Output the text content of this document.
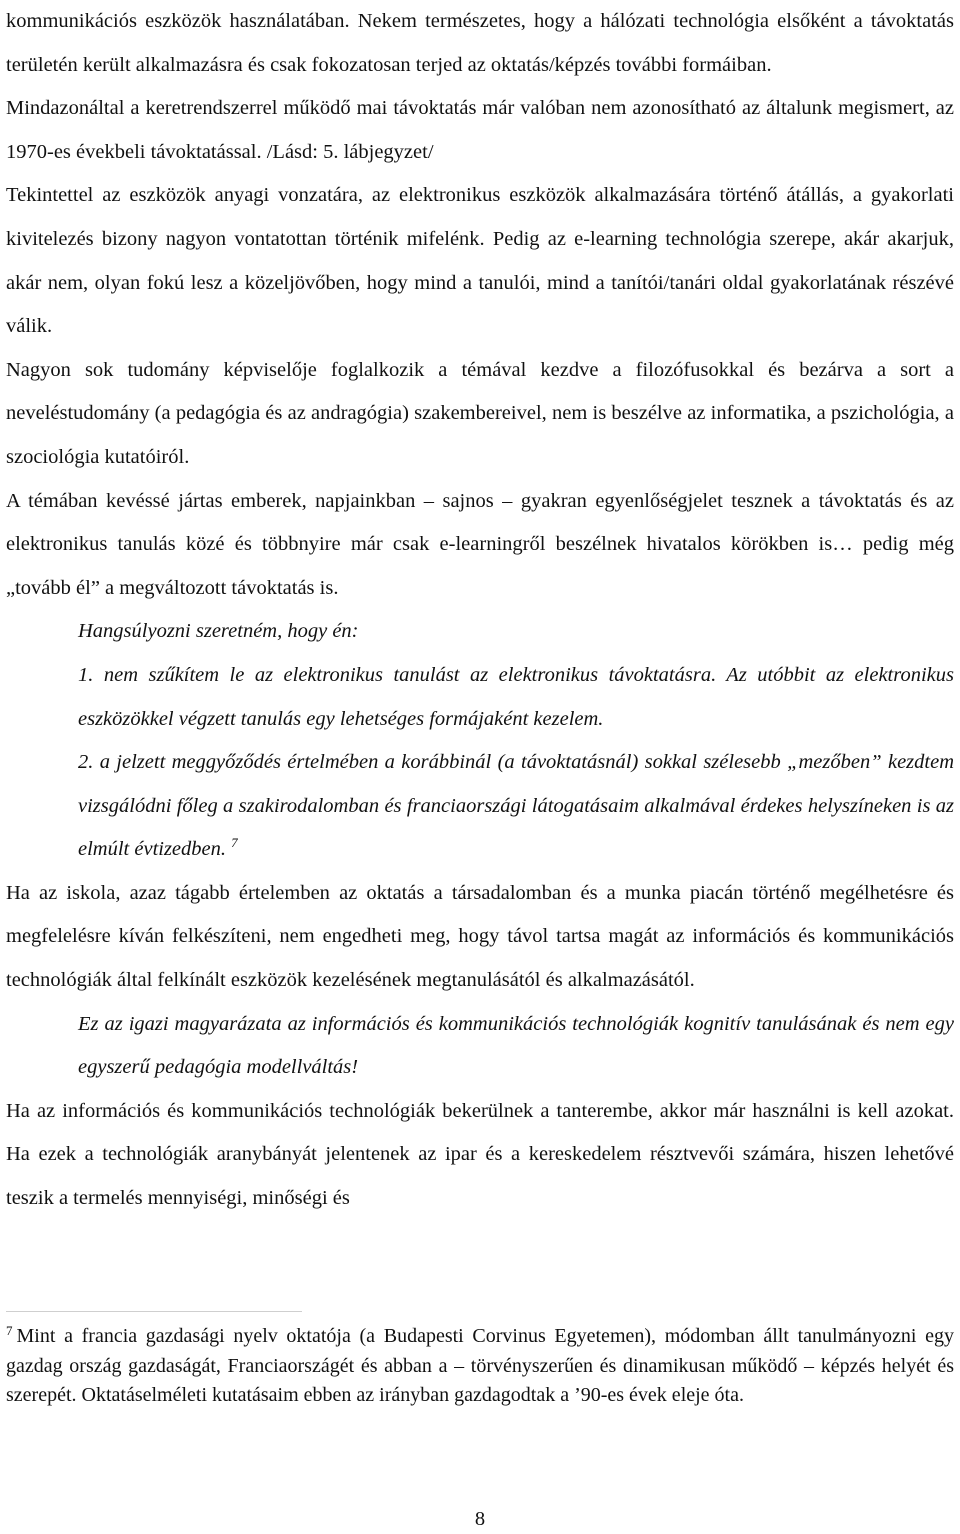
kommunikációs eszközök használatában. Nekem természetes, hogy a hálózati technológia elsőként a távoktatás területén került alkalmazásra és csak fokozatosan terjed az oktatás/képzés további formáiban.

Mindazonáltal a keretrendszerrel működő mai távoktatás már valóban nem azonosítható az általunk megismert, az 1970-es évekbeli távoktatással. /Lásd: 5. lábjegyzet/

Tekintettel az eszközök anyagi vonzatára, az elektronikus eszközök alkalmazására történő átállás, a gyakorlati kivitelezés bizony nagyon vontatottan történik mifelénk. Pedig az e-learning technológia szerepe, akár akarjuk, akár nem, olyan fokú lesz a közeljövőben, hogy mind a tanulói, mind a tanítói/tanári oldal gyakorlatának részévé válik.

Nagyon sok tudomány képviselője foglalkozik a témával kezdve a filozófusokkal és bezárva a sort a neveléstudomány (a pedagógia és az andragógia) szakembereivel, nem is beszélve az informatika, a pszichológia, a szociológia kutatóiról.

A témában kevéssé jártas emberek, napjainkban – sajnos – gyakran egyenlőségjelet tesznek a távoktatás és az elektronikus tanulás közé és többnyire már csak e-learningről beszélnek hivatalos körökben is… pedig még „tovább él” a megváltozott távoktatás is.

Hangsúlyozni szeretném, hogy én:

1. nem szűkítem le az elektronikus tanulást az elektronikus távoktatásra. Az utóbbit az elektronikus eszközökkel végzett tanulás egy lehetséges formájaként kezelem.

2. a jelzett meggyőződés értelmében a korábbinál (a távoktatásnál) sokkal szélesebb „mezőben” kezdtem vizsgálódni főleg a szakirodalomban és franciaországi látogatásaim alkalmával érdekes helyszíneken is az elmúlt évtizedben. $^7$

Ha az iskola, azaz tágabb értelemben az oktatás a társadalomban és a munka piacán történő megélhetésre és megfelelésre kíván felkészíteni, nem engedheti meg, hogy távol tartsa magát az információs és kommunikációs technológiák által felkínált eszközök kezelésének megtanulásától és alkalmazásától.

Ez az igazi magyarázata az információs és kommunikációs technológiák kognitív tanulásának és nem egy egyszerű pedagógia modellváltás!

Ha az információs és kommunikációs technológiák bekerülnek a tanterembe, akkor már használni is kell azokat. Ha ezek a technológiák aranybányát jelentenek az ipar és a kereskedelem résztvevői számára, hiszen lehetővé teszik a termelés mennyiségi, minőségi és

$^7$ Mint a francia gazdasági nyelv oktatója (a Budapesti Corvinus Egyetemen), módomban állt tanulmányozni egy gazdag ország gazdaságát, Franciaországét és abban a – törvényszerűen és dinamikusan működő – képzés helyét és szerepét. Oktatáselméleti kutatásaim ebben az irányban gazdagodtak a ’90-es évek eleje óta.

8
